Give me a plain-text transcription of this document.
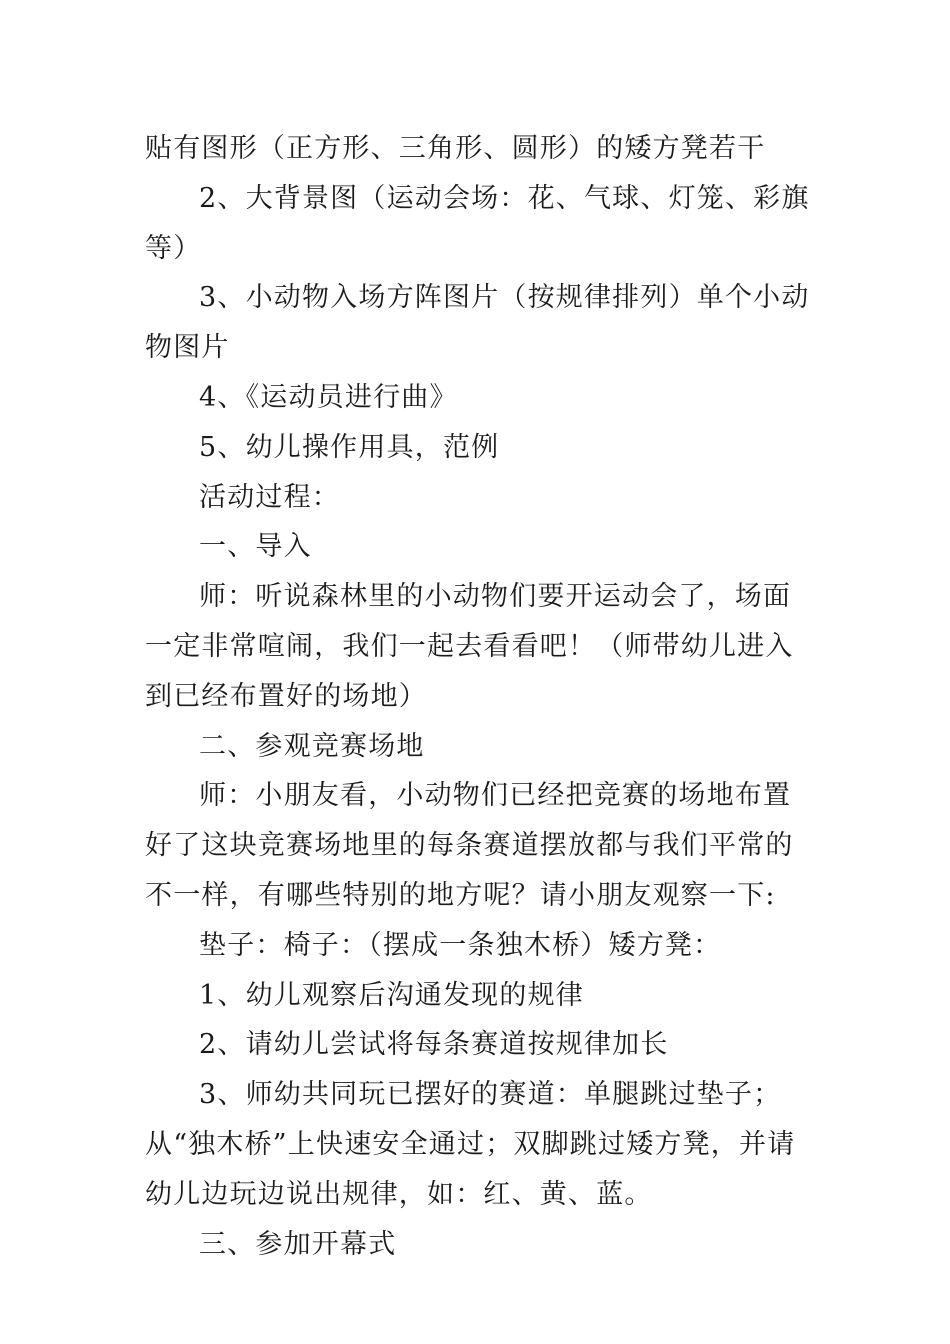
贴有图形（正方形、三角形、圆形）的矮方凳若干

2、大背景图（运动会场：花、气球、灯笼、彩旗等）

3、小动物入场方阵图片（按规律排列）单个小动物图片

4、《运动员进行曲》

5、幼儿操作用具，范例

活动过程：

一、导入

师：听说森林里的小动物们要开运动会了，场面一定非常喧闹，我们一起去看看吧！（师带幼儿进入到已经布置好的场地）

二、参观竞赛场地

师：小朋友看，小动物们已经把竞赛的场地布置好了这块竞赛场地里的每条赛道摆放都与我们平常的不一样，有哪些特别的地方呢？请小朋友观察一下:

垫子：椅子：（摆成一条独木桥）矮方凳：

1、幼儿观察后沟通发现的规律

2、请幼儿尝试将每条赛道按规律加长

3、师幼共同玩已摆好的赛道：单腿跳过垫子；从“独木桥”上快速安全通过；双脚跳过矮方凳，并请幼儿边玩边说出规律，如：红、黄、蓝。

三、参加开幕式
